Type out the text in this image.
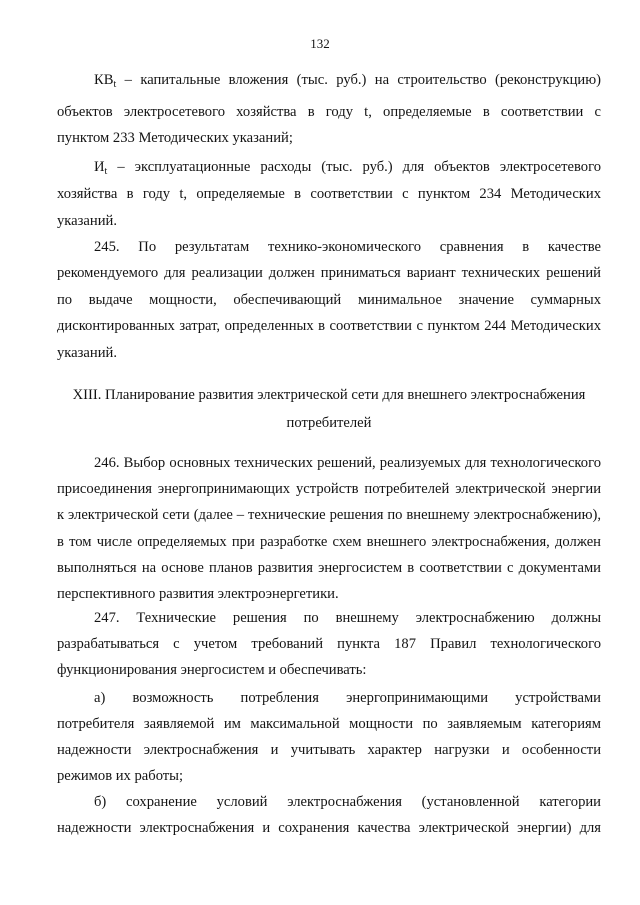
132
$КВ_t$ – капитальные вложения (тыс. руб.) на строительство (реконструкцию)
объектов электросетевого хозяйства в году t, определяемые в соответствии с
пунктом 233 Методических указаний;
$И_t$ – эксплуатационные расходы (тыс. руб.) для объектов электросетевого
хозяйства в году t, определяемые в соответствии с пунктом 234 Методических
указаний.
245. По результатам технико-экономического сравнения в качестве
рекомендуемого для реализации должен приниматься вариант технических решений
по выдаче мощности, обеспечивающий минимальное значение суммарных
дисконтированных затрат, определенных в соответствии с пунктом 244 Методических
указаний.
XIII. Планирование развития электрической сети для внешнего электроснабжения
потребителей
246. Выбор основных технических решений, реализуемых для технологического
присоединения энергопринимающих устройств потребителей электрической энергии
к электрической сети (далее – технические решения по внешнему электроснабжению),
в том числе определяемых при разработке схем внешнего электроснабжения, должен
выполняться на основе планов развития энергосистем в соответствии с документами
перспективного развития электроэнергетики.
247. Технические решения по внешнему электроснабжению должны
разрабатываться с учетом требований пункта 187 Правил технологического
функционирования энергосистем и обеспечивать:
а) возможность потребления энергопринимающими устройствами
потребителя заявляемой им максимальной мощности по заявляемым категориям
надежности электроснабжения и учитывать характер нагрузки и особенности
режимов их работы;
б) сохранение условий электроснабжения (установленной категории
надежности электроснабжения и сохранения качества электрической энергии) для
